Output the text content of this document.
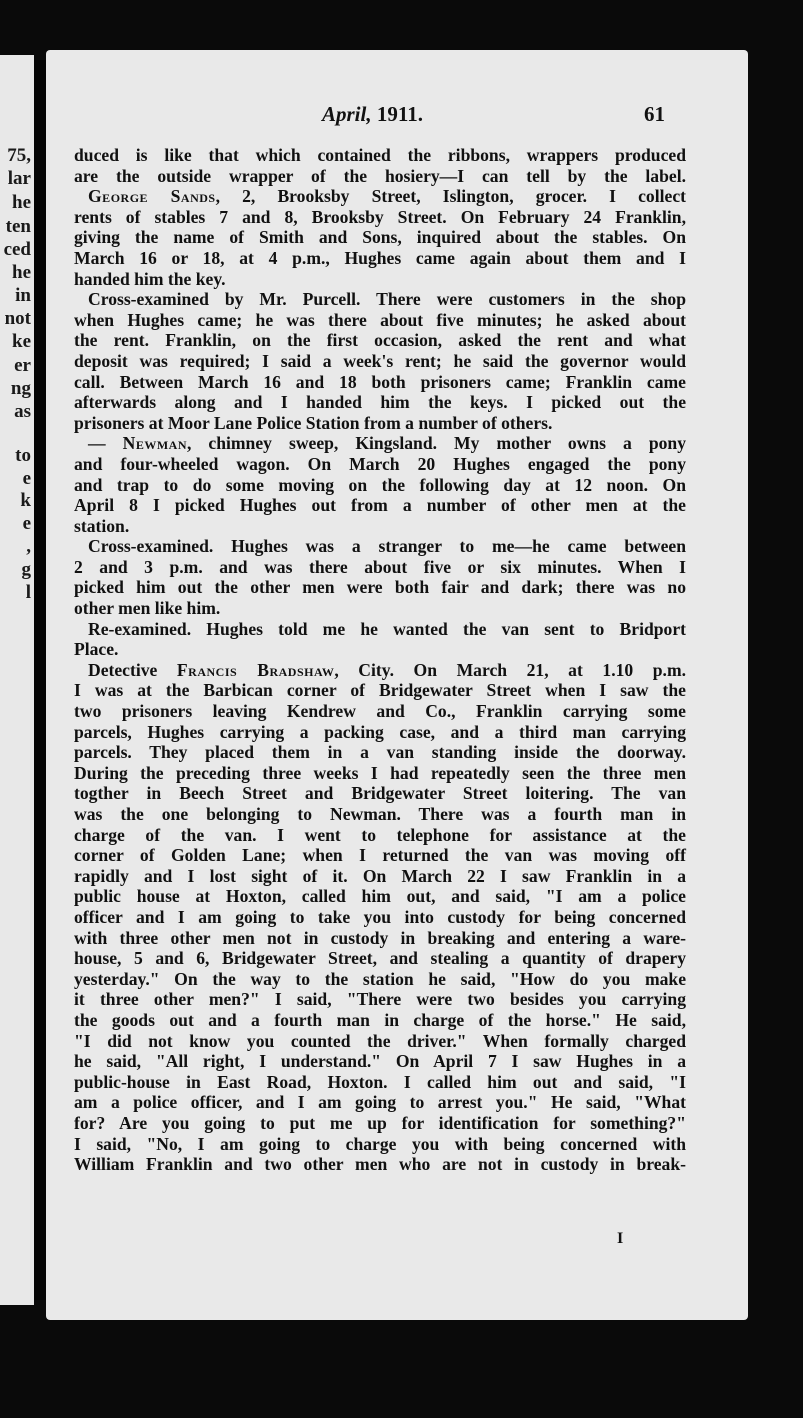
75,
lar
he
ten
ced
he
in
not
ke
er
ng
as
to
e
k
e
,
g
l
April, 1911.	61
duced is like that which contained the ribbons, wrappers produced
are the outside wrapper of the hosiery—I can tell by the label.
George Sands, 2, Brooksby Street, Islington, grocer. I collect
rents of stables 7 and 8, Brooksby Street. On February 24 Franklin,
giving the name of Smith and Sons, inquired about the stables. On
March 16 or 18, at 4 p.m., Hughes came again about them and I
handed him the key.
Cross-examined by Mr. Purcell. There were customers in the shop
when Hughes came; he was there about five minutes; he asked about
the rent. Franklin, on the first occasion, asked the rent and what
deposit was required; I said a week's rent; he said the governor would
call. Between March 16 and 18 both prisoners came; Franklin came
afterwards along and I handed him the keys. I picked out the
prisoners at Moor Lane Police Station from a number of others.
— Newman, chimney sweep, Kingsland. My mother owns a pony
and four-wheeled wagon. On March 20 Hughes engaged the pony
and trap to do some moving on the following day at 12 noon. On
April 8 I picked Hughes out from a number of other men at the
station.
Cross-examined. Hughes was a stranger to me—he came between
2 and 3 p.m. and was there about five or six minutes. When I
picked him out the other men were both fair and dark; there was no
other men like him.
Re-examined. Hughes told me he wanted the van sent to Bridport
Place.
Detective Francis Bradshaw, City. On March 21, at 1.10 p.m.
I was at the Barbican corner of Bridgewater Street when I saw the
two prisoners leaving Kendrew and Co., Franklin carrying some
parcels, Hughes carrying a packing case, and a third man carrying
parcels. They placed them in a van standing inside the doorway.
During the preceding three weeks I had repeatedly seen the three men
togther in Beech Street and Bridgewater Street loitering. The van
was the one belonging to Newman. There was a fourth man in
charge of the van. I went to telephone for assistance at the
corner of Golden Lane; when I returned the van was moving off
rapidly and I lost sight of it. On March 22 I saw Franklin in a
public house at Hoxton, called him out, and said, "I am a police
officer and I am going to take you into custody for being concerned
with three other men not in custody in breaking and entering a ware-
house, 5 and 6, Bridgewater Street, and stealing a quantity of drapery
yesterday." On the way to the station he said, "How do you make
it three other men?" I said, "There were two besides you carrying
the goods out and a fourth man in charge of the horse." He said,
"I did not know you counted the driver." When formally charged
he said, "All right, I understand." On April 7 I saw Hughes in a
public-house in East Road, Hoxton. I called him out and said, "I
am a police officer, and I am going to arrest you." He said, "What
for? Are you going to put me up for identification for something?"
I said, "No, I am going to charge you with being concerned with
William Franklin and two other men who are not in custody in break-
I
